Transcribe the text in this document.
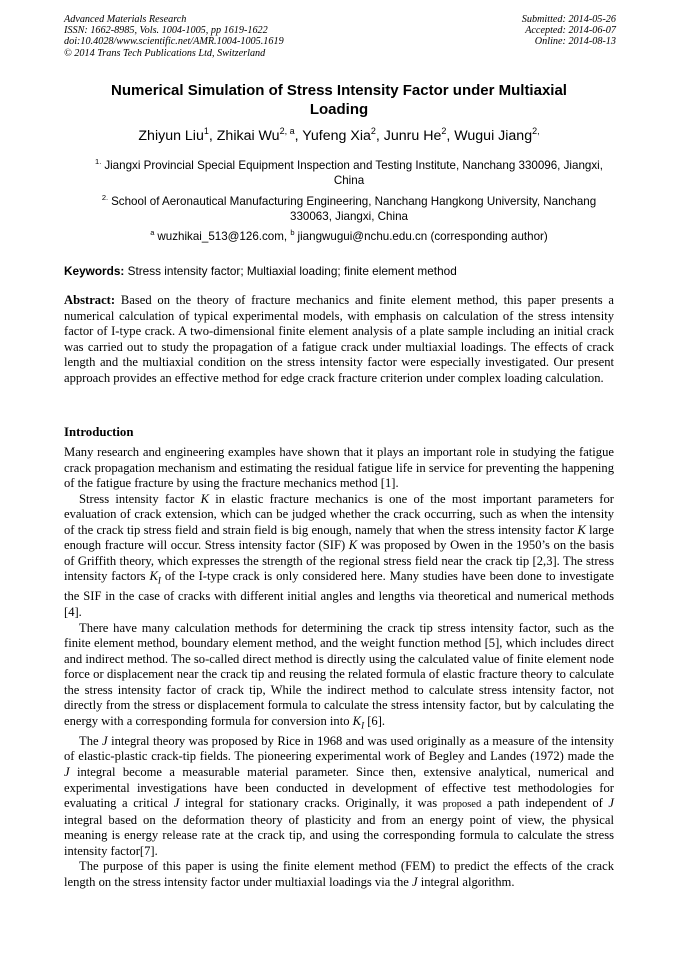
Advanced Materials Research
ISSN: 1662-8985, Vols. 1004-1005, pp 1619-1622
doi:10.4028/www.scientific.net/AMR.1004-1005.1619
© 2014 Trans Tech Publications Ltd, Switzerland
Submitted: 2014-05-26
Accepted: 2014-06-07
Online: 2014-08-13
Numerical Simulation of Stress Intensity Factor under Multiaxial Loading
Zhiyun Liu$^1$, Zhikai Wu$^{2, a}$, Yufeng Xia$^2$, Junru He$^2$, Wugui Jiang$^{2,}$
$^{1.}$ Jiangxi Provincial Special Equipment Inspection and Testing Institute, Nanchang 330096, Jiangxi, China
$^{2.}$ School of Aeronautical Manufacturing Engineering, Nanchang Hangkong University, Nanchang 330063, Jiangxi, China
$^a$ wuzhikai_513@126.com, $^b$ jiangwugui@nchu.edu.cn (corresponding author)
Keywords: Stress intensity factor; Multiaxial loading; finite element method
Abstract: Based on the theory of fracture mechanics and finite element method, this paper presents a numerical calculation of typical experimental models, with emphasis on calculation of the stress intensity factor of I-type crack. A two-dimensional finite element analysis of a plate sample including an initial crack was carried out to study the propagation of a fatigue crack under multiaxial loadings. The effects of crack length and the multiaxial condition on the stress intensity factor were especially investigated. Our present approach provides an effective method for edge crack fracture criterion under complex loading calculation.
Introduction

Many research and engineering examples have shown that it plays an important role in studying the fatigue crack propagation mechanism and estimating the residual fatigue life in service for preventing the happening of the fatigue fracture by using the fracture mechanics method [1].

Stress intensity factor K in elastic fracture mechanics is one of the most important parameters for evaluation of crack extension, which can be judged whether the crack occurring, such as when the intensity of the crack tip stress field and strain field is big enough, namely that when the stress intensity factor K large enough fracture will occur. Stress intensity factor (SIF) K was proposed by Owen in the 1950’s on the basis of Griffith theory, which expresses the strength of the regional stress field near the crack tip [2,3]. The stress intensity factors $K_I$ of the I-type crack is only considered here. Many studies have been done to investigate the SIF in the case of cracks with different initial angles and lengths via theoretical and numerical methods [4].

There have many calculation methods for determining the crack tip stress intensity factor, such as the finite element method, boundary element method, and the weight function method [5], which includes direct and indirect method. The so-called direct method is directly using the calculated value of finite element node force or displacement near the crack tip and reusing the related formula of elastic fracture theory to calculate the stress intensity factor of crack tip, While the indirect method to calculate stress intensity factor, not directly from the stress or displacement formula to calculate the stress intensity factor, but by calculating the energy with a corresponding formula for conversion into $K_I$ [6].

The J integral theory was proposed by Rice in 1968 and was used originally as a measure of the intensity of elastic-plastic crack-tip fields. The pioneering experimental work of Begley and Landes (1972) made the J integral become a measurable material parameter. Since then, extensive analytical, numerical and experimental investigations have been conducted in development of effective test methodologies for evaluating a critical J integral for stationary cracks. Originally, it was proposed a path independent of J integral based on the deformation theory of plasticity and from an energy point of view, the physical meaning is energy release rate at the crack tip, and using the corresponding formula to calculate the stress intensity factor[7].

The purpose of this paper is using the finite element method (FEM) to predict the effects of the crack length on the stress intensity factor under multiaxial loadings via the J integral algorithm.
